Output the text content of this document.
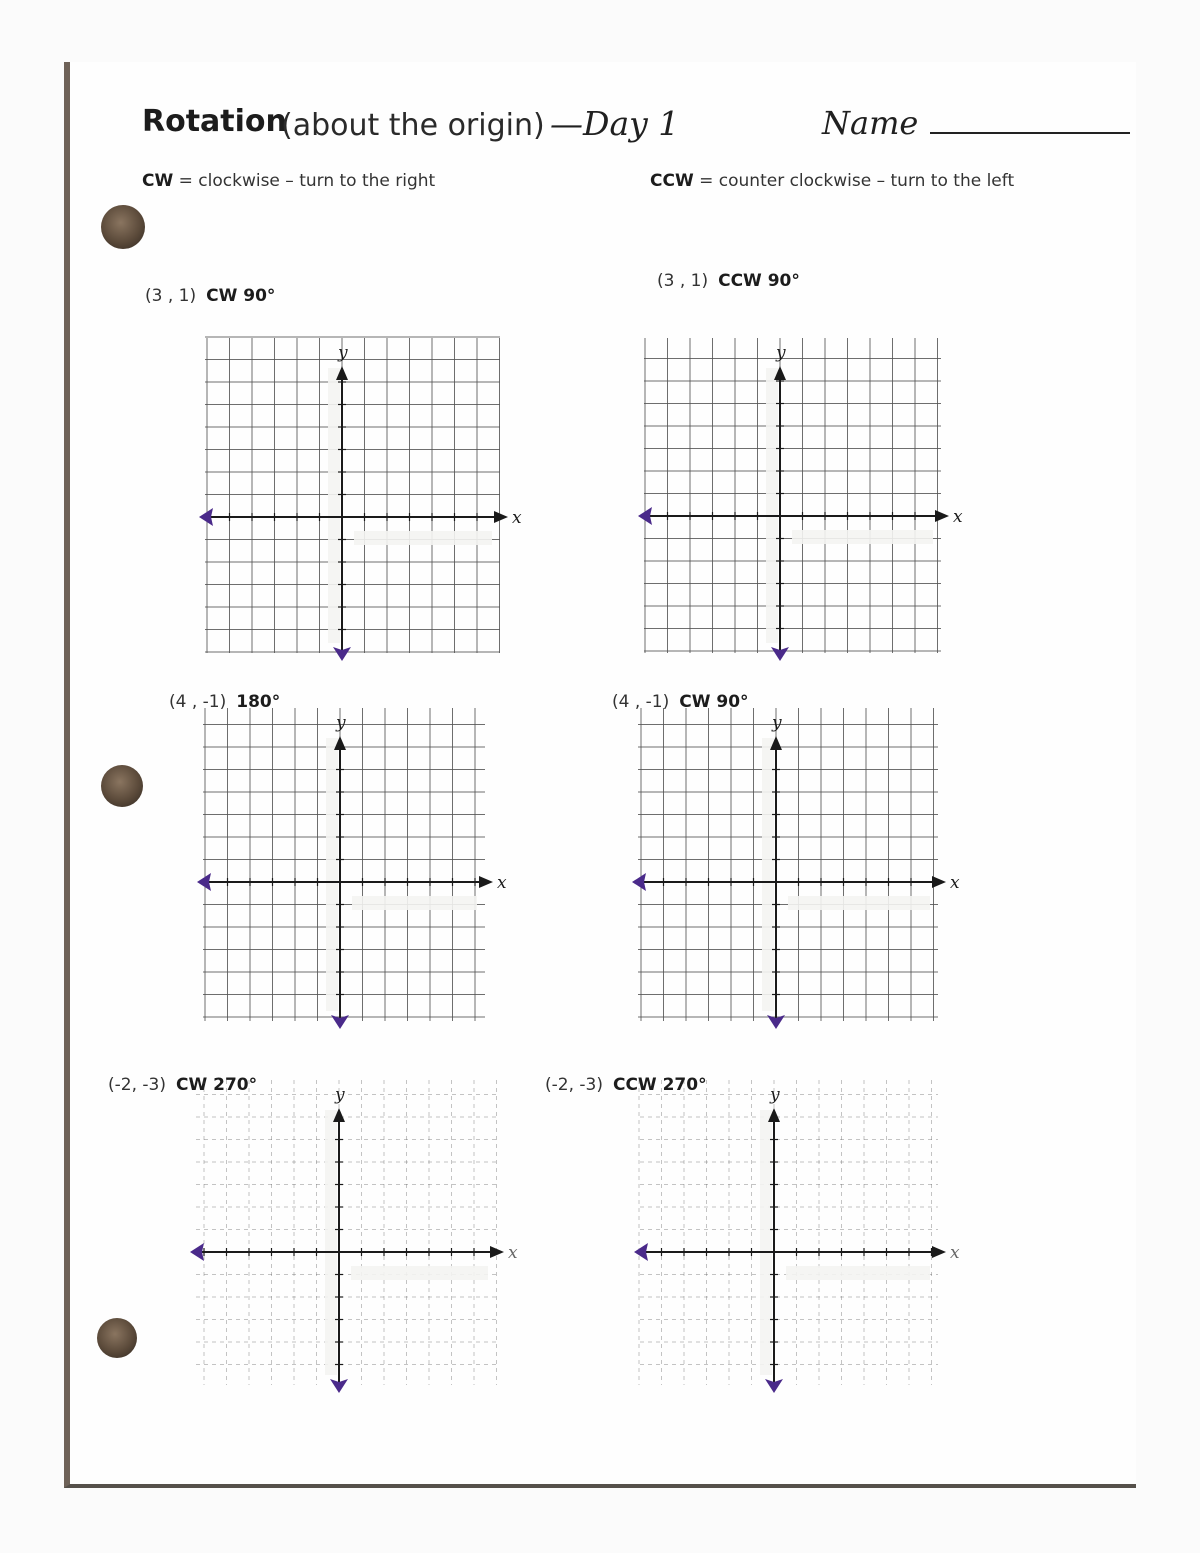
Rotation
(about the origin) —Day 1	Name
CW = clockwise – turn to the right	CCW = counter clockwise – turn to the left
(3 , 1) CW 90°
(3 , 1) CCW 90°
(4 , -1) 180°	(4 , -1) CW 90°
(-2, -3) CW 270°	(-2, -3) CCW 270°
x
y
x
y
x
y
x
y
x
y
x
y
